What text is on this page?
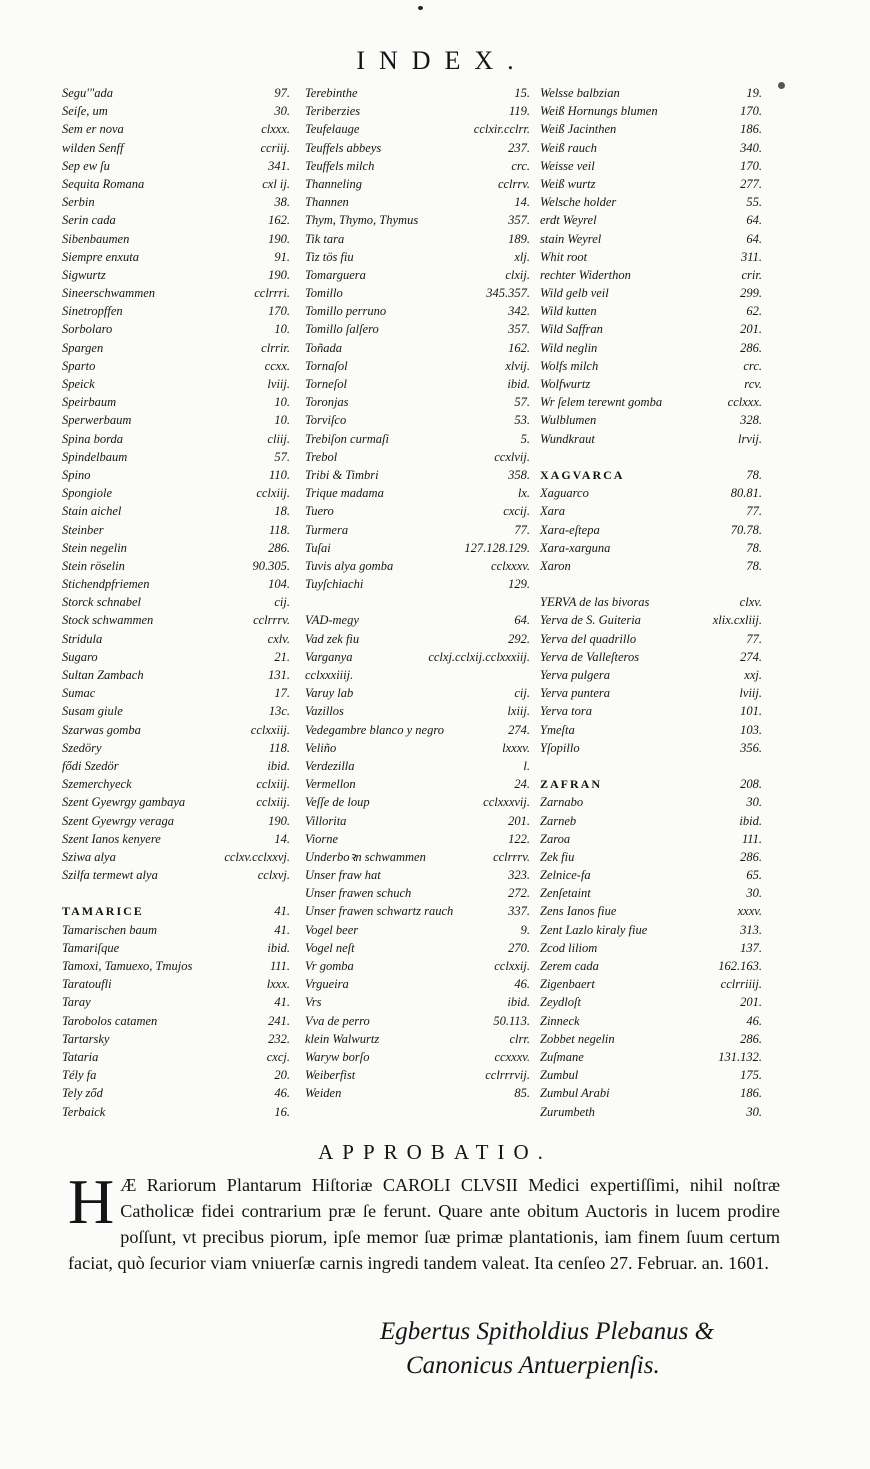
INDEX.
Segu'"ada	97.
Seiſe, um	30.
Sem er nova	clxxx.
wilden Senff	ccriij.
Sep ew ſu	341.
Sequita Romana	cxl ij.
Serbin	38.
Serin cada	162.
Sibenbaumen	190.
Siempre enxuta	91.
Sigwurtz	190.
Sineerschwammen	cclrrri.
Sinetropffen	170.
Sorbolaro	10.
Spargen	clrrir.
Sparto	ccxx.
Speick	lviij.
Speirbaum	10.
Sperwerbaum	10.
Spina borda	cliij.
Spindelbaum	57.
Spino	110.
Spongiole	cclxiij.
Stain aichel	18.
Steinber	118.
Stein negelin	286.
Stein röselin	90.305.
Stichendpfriemen	104.
Storck schnabel	cij.
Stock schwammen	cclrrrv.
Stridula	cxlv.
Sugaro	21.
Sultan Zambach	131.
Sumac	17.
Susam giule	13c.
Szarwas gomba	cclxxiij.
Szedöry	118.
fődi Szedör	ibid.
Szemerchyeck	cclxiij.
Szent Gyewrgy gambaya	cclxiij.
Szent Gyewrgy veraga	190.
Szent Ianos kenyere	14.
Sziwa alya	cclxv.cclxxvj.
Szilfa termewt alya	cclxvj.
TAMARICE	41.
Tamarischen baum	41.
Tamariſque	ibid.
Tamoxi, Tamuexo, Tmujos	111.
Taratoufli	lxxx.
Taray	41.
Tarobolos catamen	241.
Tartarsky	232.
Tataria	cxcj.
Tély fa	20.
Tely ződ	46.
Terbaick	16.
Terebinthe	15.
Teriberzies	119.
Teufelauge	cclxir.cclrr.
Teuffels abbeys	237.
Teuffels milch	crc.
Thanneling	cclrrv.
Thannen	14.
Thym, Thymo, Thymus	357.
Tik tara	189.
Tiz tös fiu	xlj.
Tomarguera	clxij.
Tomillo	345.357.
Tomillo perruno	342.
Tomillo ſalſero	357.
Toñada	162.
Tornaſol	xlvij.
Torneſol	ibid.
Toronjas	57.
Torviſco	53.
Trebiſon curmaſi	5.
Trebol	ccxlvij.
Tribi & Timbri	358.
Trique madama	lx.
Tuero	cxcij.
Turmera	77.
Tuſai	127.128.129.
Tuvis alya gomba	cclxxxv.
Tuyſchiachi	129.
VAD-megy	64.
Vad zek fiu	292.
Varganya	cclxj.cclxij.cclxxxiij.
cclxxxiiij.
Varuy lab	cij.
Vazillos	lxiij.
Vedegambre blanco y negro	274.
Veliño	lxxxv.
Verdezilla	l.
Vermellon	24.
Veſſe de loup	cclxxxvij.
Villorita	201.
Viorne	122.
Underboꝛn schwammen	cclrrrv.
Unser fraw hat	323.
Unser frawen schuch	272.
Unser frawen schwartz rauch	337.
Vogel beer	9.
Vogel neſt	270.
Vr gomba	cclxxij.
Vrgueira	46.
Vrs	ibid.
Vva de perro	50.113.
klein Walwurtz	clrr.
Waryw borſo	ccxxxv.
Weiberfist	cclrrrvij.
Weiden	85.
Welsse balbzian	19.
Weiß Hornungs blumen	170.
Weiß Jacinthen	186.
Weiß rauch	340.
Weisse veil	170.
Weiß wurtz	277.
Welsche holder	55.
erdt Weyrel	64.
stain Weyrel	64.
Whit root	311.
rechter Widerthon	crir.
Wild gelb veil	299.
Wild kutten	62.
Wild Saffran	201.
Wild neglin	286.
Wolfs milch	crc.
Wolfwurtz	rcv.
Wr ſelem terewnt gomba	cclxxx.
Wulblumen	328.
Wundkraut	lrvij.
XAGVARCA	78.
Xaguarco	80.81.
Xara	77.
Xara-eſtepa	70.78.
Xara-xarguna	78.
Xaron	78.
YERVA de las bivoras	clxv.
Yerva de S. Guiteria	xlix.cxliij.
Yerva del quadrillo	77.
Yerva de Valleſteros	274.
Yerva pulgera	xxj.
Yerva puntera	lviij.
Yerva tora	101.
Ymeſta	103.
Yſopillo	356.
ZAFRAN	208.
Zarnabo	30.
Zarneb	ibid.
Zaroa	111.
Zek fiu	286.
Zelnice-fa	65.
Zenſetaint	30.
Zens Ianos fiue	xxxv.
Zent Lazlo kiraly fiue	313.
Zcod liliom	137.
Zerem cada	162.163.
Zigenbaert	cclrriiij.
Zeydloſt	201.
Zinneck	46.
Zobbet negelin	286.
Zuſmane	131.132.
Zumbul	175.
Zumbul Arabi	186.
Zurumbeth	30.
APPROBATIO.
H Æ Rariorum Plantarum Hiſtoriæ CAROLI CLVSII Medici expertiſſimi, nihil noſtræ Catholicæ fidei contrarium præ ſe ferunt. Quare ante obitum Auctoris in lucem prodire poſſunt, vt precibus piorum, ipſe memor ſuæ primæ plantationis, iam finem ſuum certum faciat, quò ſecurior viam vniuerſæ carnis ingredi tandem valeat. Ita cenſeo 27. Februar. an. 1601.
Egbertus Spitholdius Plebanus &
Canonicus Antuerpienſis.
